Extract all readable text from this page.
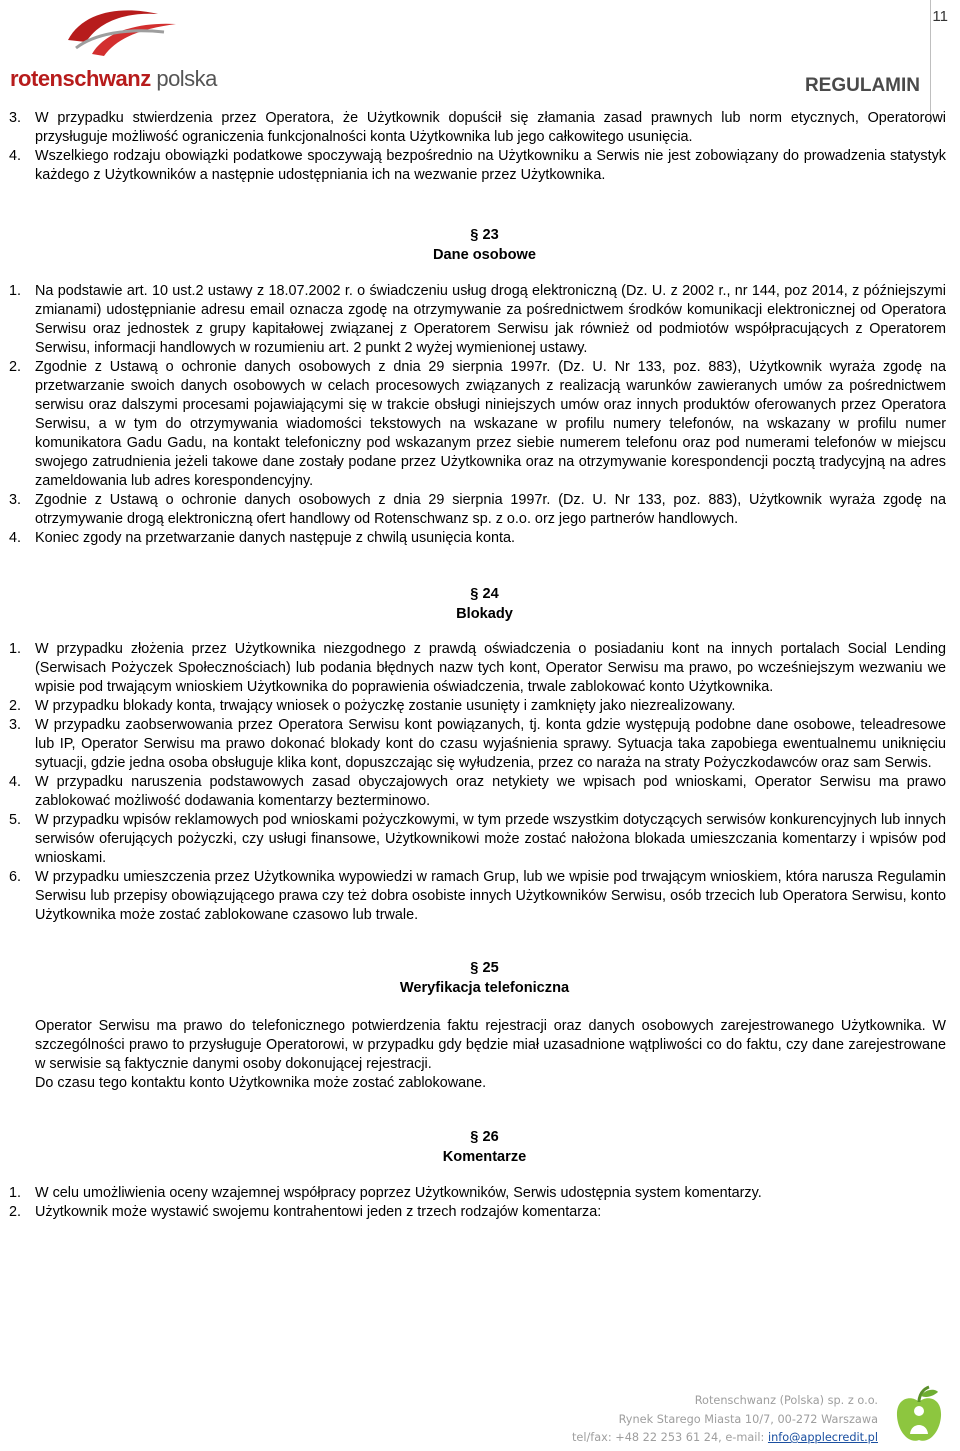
11
rotenschwanz polska	REGULAMIN
3. W przypadku stwierdzenia przez Operatora, że Użytkownik dopuścił się złamania zasad prawnych lub norm etycznych, Operatorowi przysługuje możliwość ograniczenia funkcjonalności konta Użytkownika lub jego całkowitego usunięcia.
4. Wszelkiego rodzaju obowiązki podatkowe spoczywają bezpośrednio na Użytkowniku a Serwis nie jest zobowiązany do prowadzenia statystyk każdego z Użytkowników a następnie udostępniania ich na wezwanie przez Użytkownika.
§ 23
Dane osobowe
1. Na podstawie art. 10 ust.2 ustawy z 18.07.2002 r. o świadczeniu usług drogą elektroniczną (Dz. U. z 2002 r., nr 144, poz 2014, z późniejszymi zmianami) udostępnianie adresu email oznacza zgodę na otrzymywanie za pośrednictwem środków komunikacji elektronicznej od Operatora Serwisu oraz jednostek z grupy kapitałowej związanej z Operatorem Serwisu jak również od podmiotów współpracujących z Operatorem Serwisu, informacji handlowych w rozumieniu art. 2 punkt 2 wyżej wymienionej ustawy.
2. Zgodnie z Ustawą o ochronie danych osobowych z dnia 29 sierpnia 1997r. (Dz. U. Nr 133, poz. 883), Użytkownik wyraża zgodę na przetwarzanie swoich danych osobowych w celach procesowych związanych z realizacją warunków zawieranych umów za pośrednictwem serwisu oraz dalszymi procesami pojawiającymi się w trakcie obsługi niniejszych umów oraz innych produktów oferowanych przez Operatora Serwisu, a w tym do otrzymywania wiadomości tekstowych na wskazane w profilu numery telefonów, na wskazany w profilu numer komunikatora Gadu Gadu, na kontakt telefoniczny pod wskazanym przez siebie numerem telefonu oraz pod numerami telefonów w miejscu swojego zatrudnienia jeżeli takowe dane zostały podane przez Użytkownika oraz na otrzymywanie korespondencji pocztą tradycyjną na adres zameldowania lub adres korespondencyjny.
3. Zgodnie z Ustawą o ochronie danych osobowych z dnia 29 sierpnia 1997r. (Dz. U. Nr 133, poz. 883), Użytkownik wyraża zgodę na otrzymywanie drogą elektroniczną ofert handlowy od Rotenschwanz sp. z o.o. orz jego partnerów handlowych.
4. Koniec zgody na przetwarzanie danych następuje z chwilą usunięcia konta.
§ 24
Blokady
1. W przypadku złożenia przez Użytkownika niezgodnego z prawdą oświadczenia o posiadaniu kont na innych portalach Social Lending (Serwisach Pożyczek Społecznościach) lub podania błędnych nazw tych kont, Operator Serwisu ma prawo, po wcześniejszym wezwaniu we wpisie pod trwającym wnioskiem Użytkownika do poprawienia oświadczenia, trwale zablokować konto Użytkownika.
2. W przypadku blokady konta, trwający wniosek o pożyczkę zostanie usunięty i zamknięty jako niezrealizowany.
3. W przypadku zaobserwowania przez Operatora Serwisu kont powiązanych, tj. konta gdzie występują podobne dane osobowe, teleadresowe lub IP, Operator Serwisu ma prawo dokonać blokady kont do czasu wyjaśnienia sprawy. Sytuacja taka zapobiega ewentualnemu uniknięciu sytuacji, gdzie jedna osoba obsługuje klika kont, dopuszczając się wyłudzenia, przez co naraża na straty Pożyczkodawców oraz sam Serwis.
4. W przypadku naruszenia podstawowych zasad obyczajowych oraz netykiety we wpisach pod wnioskami, Operator Serwisu ma prawo zablokować możliwość dodawania komentarzy bezterminowo.
5. W przypadku wpisów reklamowych pod wnioskami pożyczkowymi, w tym przede wszystkim dotyczących serwisów konkurencyjnych lub innych serwisów oferujących pożyczki, czy usługi finansowe, Użytkownikowi może zostać nałożona blokada umieszczania komentarzy i wpisów pod wnioskami.
6. W przypadku umieszczenia przez Użytkownika wypowiedzi w ramach Grup, lub we wpisie pod trwającym wnioskiem, która narusza Regulamin Serwisu lub przepisy obowiązującego prawa czy też dobra osobiste innych Użytkowników Serwisu, osób trzecich lub Operatora Serwisu, konto Użytkownika może zostać zablokowane czasowo lub trwale.
§ 25
Weryfikacja telefoniczna

Operator Serwisu ma prawo do telefonicznego potwierdzenia faktu rejestracji oraz danych osobowych zarejestrowanego Użytkownika. W szczególności prawo to przysługuje Operatorowi, w przypadku gdy będzie miał uzasadnione wątpliwości co do faktu, czy dane zarejestrowane w serwisie są faktycznie danymi osoby dokonującej rejestracji.

Do czasu tego kontaktu konto Użytkownika może zostać zablokowane.

§ 26
Komentarze
1. W celu umożliwienia oceny wzajemnej współpracy poprzez Użytkowników, Serwis udostępnia system komentarzy.
2. Użytkownik może wystawić swojemu kontrahentowi jeden z trzech rodzajów komentarza:
Rotenschwanz (Polska) sp. z o.o.
Rynek Starego Miasta 10/7, 00-272 Warszawa
tel/fax: +48 22 253 61 24, e-mail: info@applecredit.pl
